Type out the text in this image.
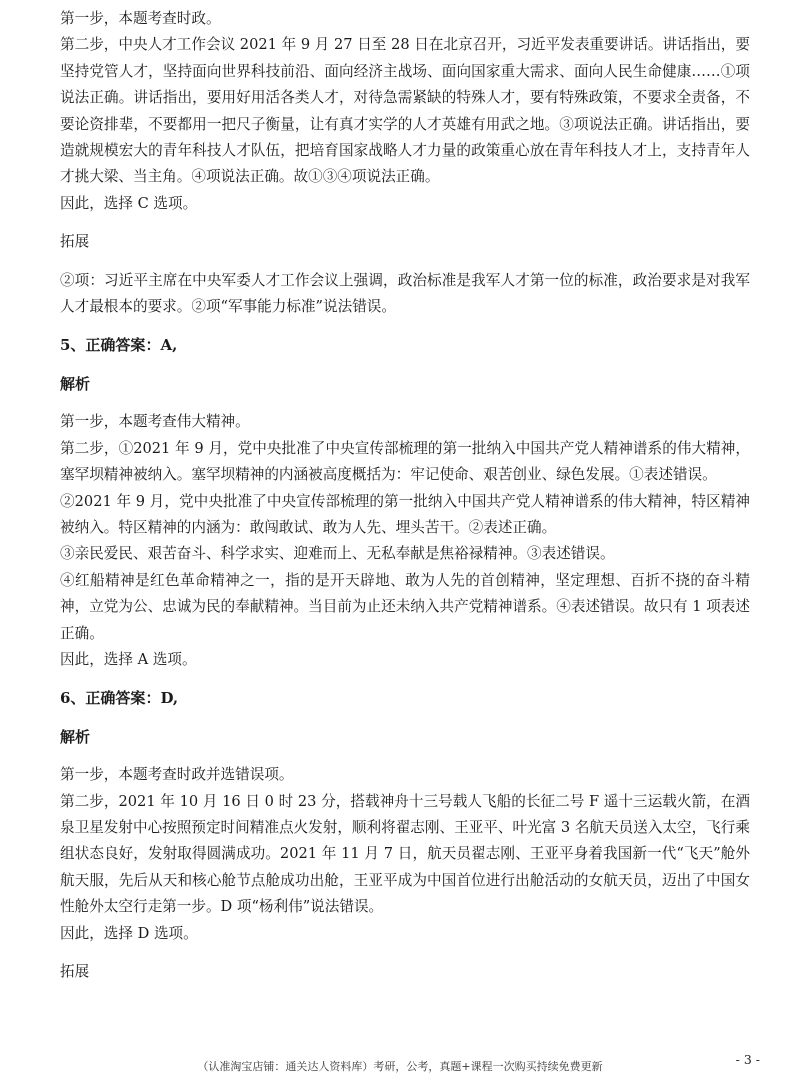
第一步，本题考查时政。

第二步，中央人才工作会议 2021 年 9 月 27 日至 28 日在北京召开，习近平发表重要讲话。讲话指出，要坚持党管人才，坚持面向世界科技前沿、面向经济主战场、面向国家重大需求、面向人民生命健康……①项说法正确。讲话指出，要用好用活各类人才，对待急需紧缺的特殊人才，要有特殊政策，不要求全责备，不要论资排辈，不要都用一把尺子衡量，让有真才实学的人才英雄有用武之地。③项说法正确。讲话指出，要造就规模宏大的青年科技人才队伍，把培育国家战略人才力量的政策重心放在青年科技人才上，支持青年人才挑大梁、当主角。④项说法正确。故①③④项说法正确。

因此，选择 C 选项。

拓展

②项：习近平主席在中央军委人才工作会议上强调，政治标准是我军人才第一位的标准，政治要求是对我军人才最根本的要求。②项“军事能力标准”说法错误。

5、正确答案：A,

解析

第一步，本题考查伟大精神。

第二步，①2021 年 9 月，党中央批准了中央宣传部梳理的第一批纳入中国共产党人精神谱系的伟大精神，塞罕坝精神被纳入。塞罕坝精神的内涵被高度概括为：牢记使命、艰苦创业、绿色发展。①表述错误。

②2021 年 9 月，党中央批准了中央宣传部梳理的第一批纳入中国共产党人精神谱系的伟大精神，特区精神被纳入。特区精神的内涵为：敢闯敢试、敢为人先、埋头苦干。②表述正确。

③亲民爱民、艰苦奋斗、科学求实、迎难而上、无私奉献是焦裕禄精神。③表述错误。

④红船精神是红色革命精神之一，指的是开天辟地、敢为人先的首创精神，坚定理想、百折不挠的奋斗精神，立党为公、忠诚为民的奉献精神。当目前为止还未纳入共产党精神谱系。④表述错误。故只有 1 项表述正确。

因此，选择 A 选项。

6、正确答案：D,

解析

第一步，本题考查时政并选错误项。

第二步，2021 年 10 月 16 日 0 时 23 分，搭载神舟十三号载人飞船的长征二号 F 遥十三运载火箭，在酒泉卫星发射中心按照预定时间精准点火发射，顺利将翟志刚、王亚平、叶光富 3 名航天员送入太空，飞行乘组状态良好，发射取得圆满成功。2021 年 11 月 7 日，航天员翟志刚、王亚平身着我国新一代“飞天”舱外航天服，先后从天和核心舱节点舱成功出舱，王亚平成为中国首位进行出舱活动的女航天员，迈出了中国女性舱外太空行走第一步。D 项“杨利伟”说法错误。

因此，选择 D 选项。

拓展

- 3 -
（认准淘宝店铺：通关达人资料库）考研，公考，真题+课程一次购买持续免费更新
